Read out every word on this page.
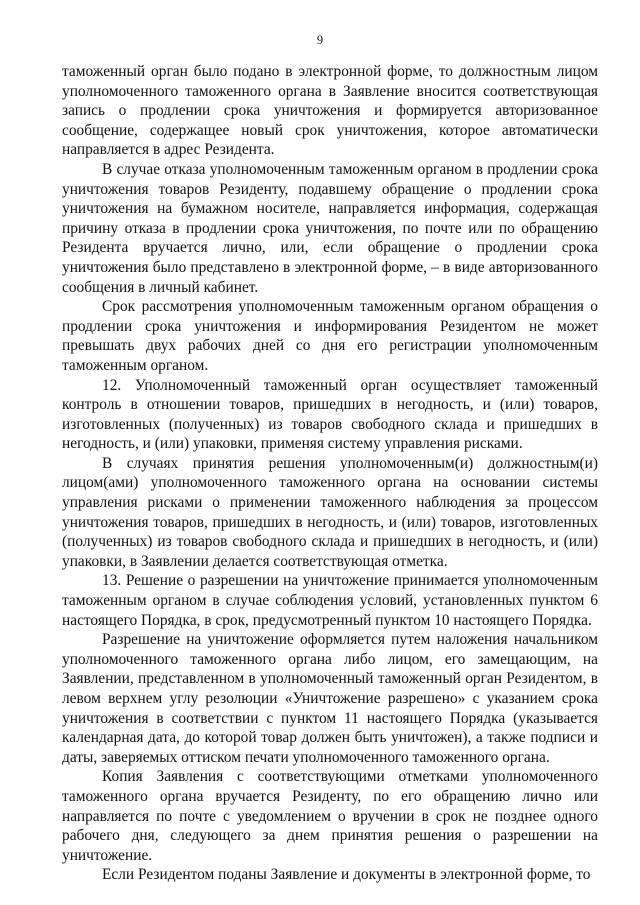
9

таможенный орган было подано в электронной форме, то должностным лицом уполномоченного таможенного органа в Заявление вносится соответствующая запись о продлении срока уничтожения и формируется авторизованное сообщение, содержащее новый срок уничтожения, которое автоматически направляется в адрес Резидента.

В случае отказа уполномоченным таможенным органом в продлении срока уничтожения товаров Резиденту, подавшему обращение о продлении срока уничтожения на бумажном носителе, направляется информация, содержащая причину отказа в продлении срока уничтожения, по почте или по обращению Резидента вручается лично, или, если обращение о продлении срока уничтожения было представлено в электронной форме, – в виде авторизованного сообщения в личный кабинет.

Срок рассмотрения уполномоченным таможенным органом обращения о продлении срока уничтожения и информирования Резидентом не может превышать двух рабочих дней со дня его регистрации уполномоченным таможенным органом.

12. Уполномоченный таможенный орган осуществляет таможенный контроль в отношении товаров, пришедших в негодность, и (или) товаров, изготовленных (полученных) из товаров свободного склада и пришедших в негодность, и (или) упаковки, применяя систему управления рисками.

В случаях принятия решения уполномоченным(и) должностным(и) лицом(ами) уполномоченного таможенного органа на основании системы управления рисками о применении таможенного наблюдения за процессом уничтожения товаров, пришедших в негодность, и (или) товаров, изготовленных (полученных) из товаров свободного склада и пришедших в негодность, и (или) упаковки, в Заявлении делается соответствующая отметка.

13. Решение о разрешении на уничтожение принимается уполномоченным таможенным органом в случае соблюдения условий, установленных пунктом 6 настоящего Порядка, в срок, предусмотренный пунктом 10 настоящего Порядка.

Разрешение на уничтожение оформляется путем наложения начальником уполномоченного таможенного органа либо лицом, его замещающим, на Заявлении, представленном в уполномоченный таможенный орган Резидентом, в левом верхнем углу резолюции «Уничтожение разрешено» с указанием срока уничтожения в соответствии с пунктом 11 настоящего Порядка (указывается календарная дата, до которой товар должен быть уничтожен), а также подписи и даты, заверяемых оттиском печати уполномоченного таможенного органа.

Копия Заявления с соответствующими отметками уполномоченного таможенного органа вручается Резиденту, по его обращению лично или направляется по почте с уведомлением о вручении в срок не позднее одного рабочего дня, следующего за днем принятия решения о разрешении на уничтожение.

Если Резидентом поданы Заявление и документы в электронной форме, то
